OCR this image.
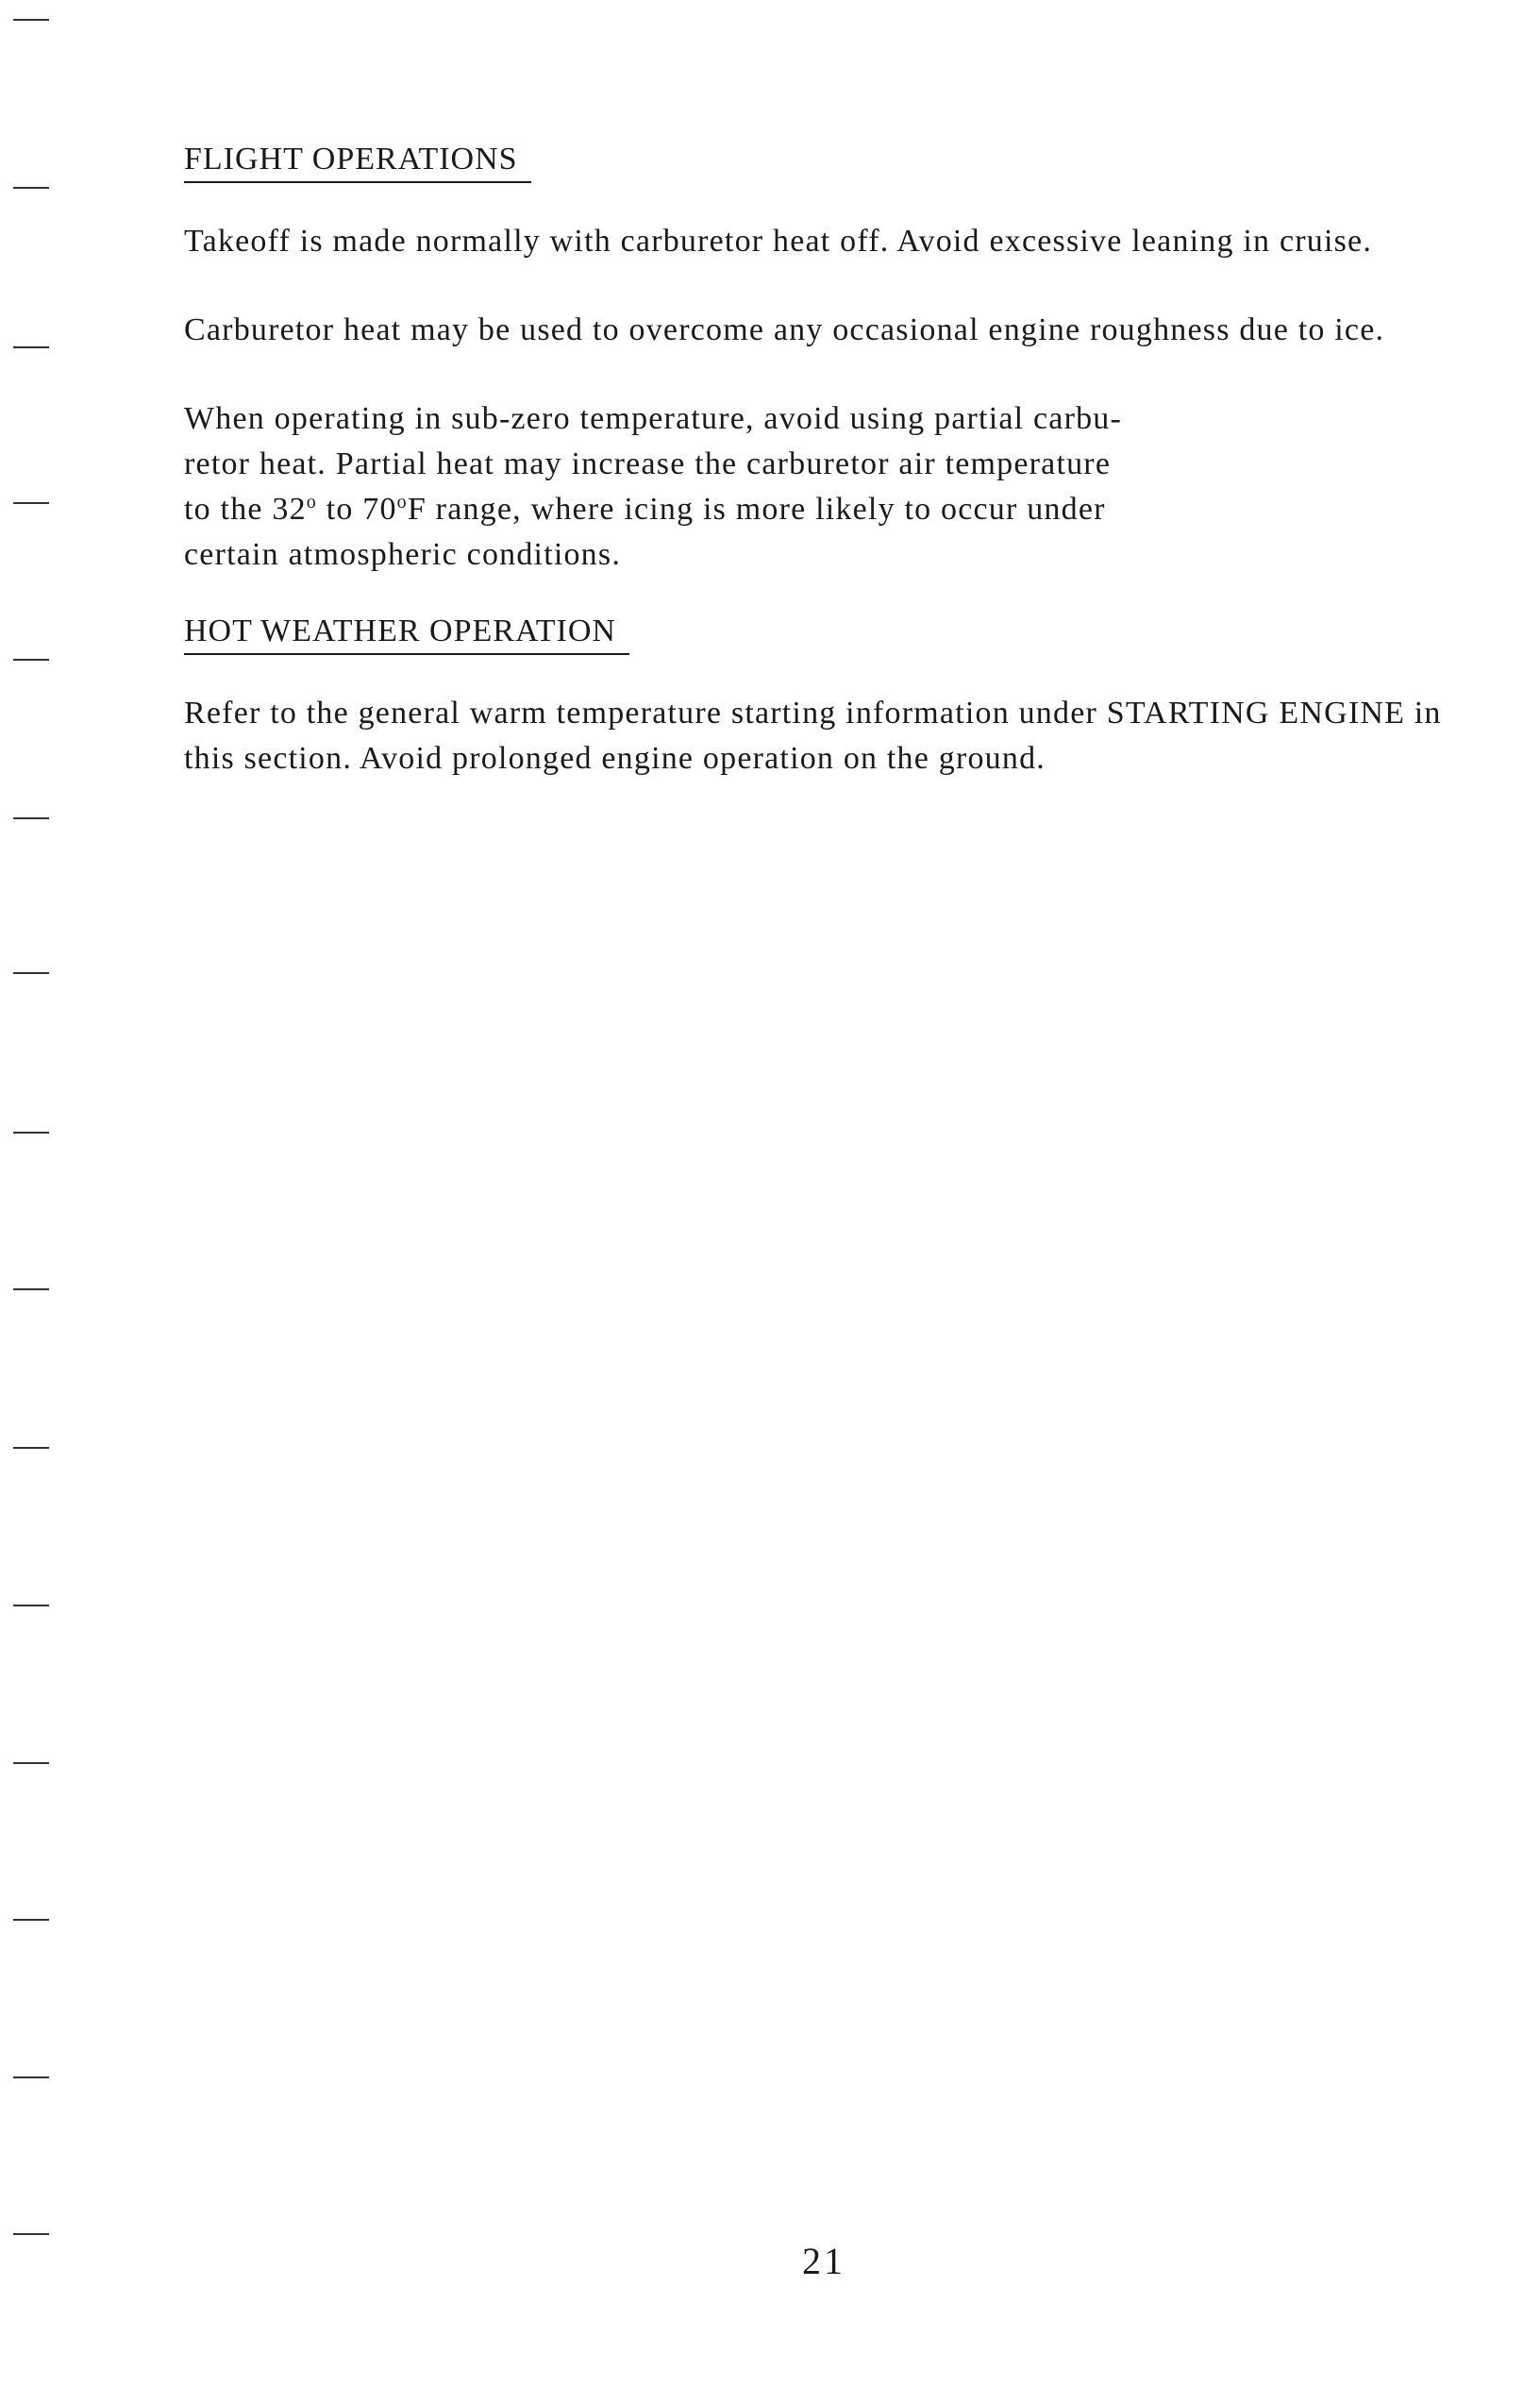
FLIGHT OPERATIONS

Takeoff is made normally with carburetor heat off. Avoid excessive leaning in cruise.

Carburetor heat may be used to overcome any occasional engine roughness due to ice.

When operating in sub-zero temperature, avoid using partial carbu-
retor heat. Partial heat may increase the carburetor air temperature
to the 32$^o$ to 70$^o$F range, where icing is more likely to occur under
certain atmospheric conditions.

HOT WEATHER OPERATION

Refer to the general warm temperature starting information under STARTING ENGINE in this section. Avoid prolonged engine operation on the ground.

21
